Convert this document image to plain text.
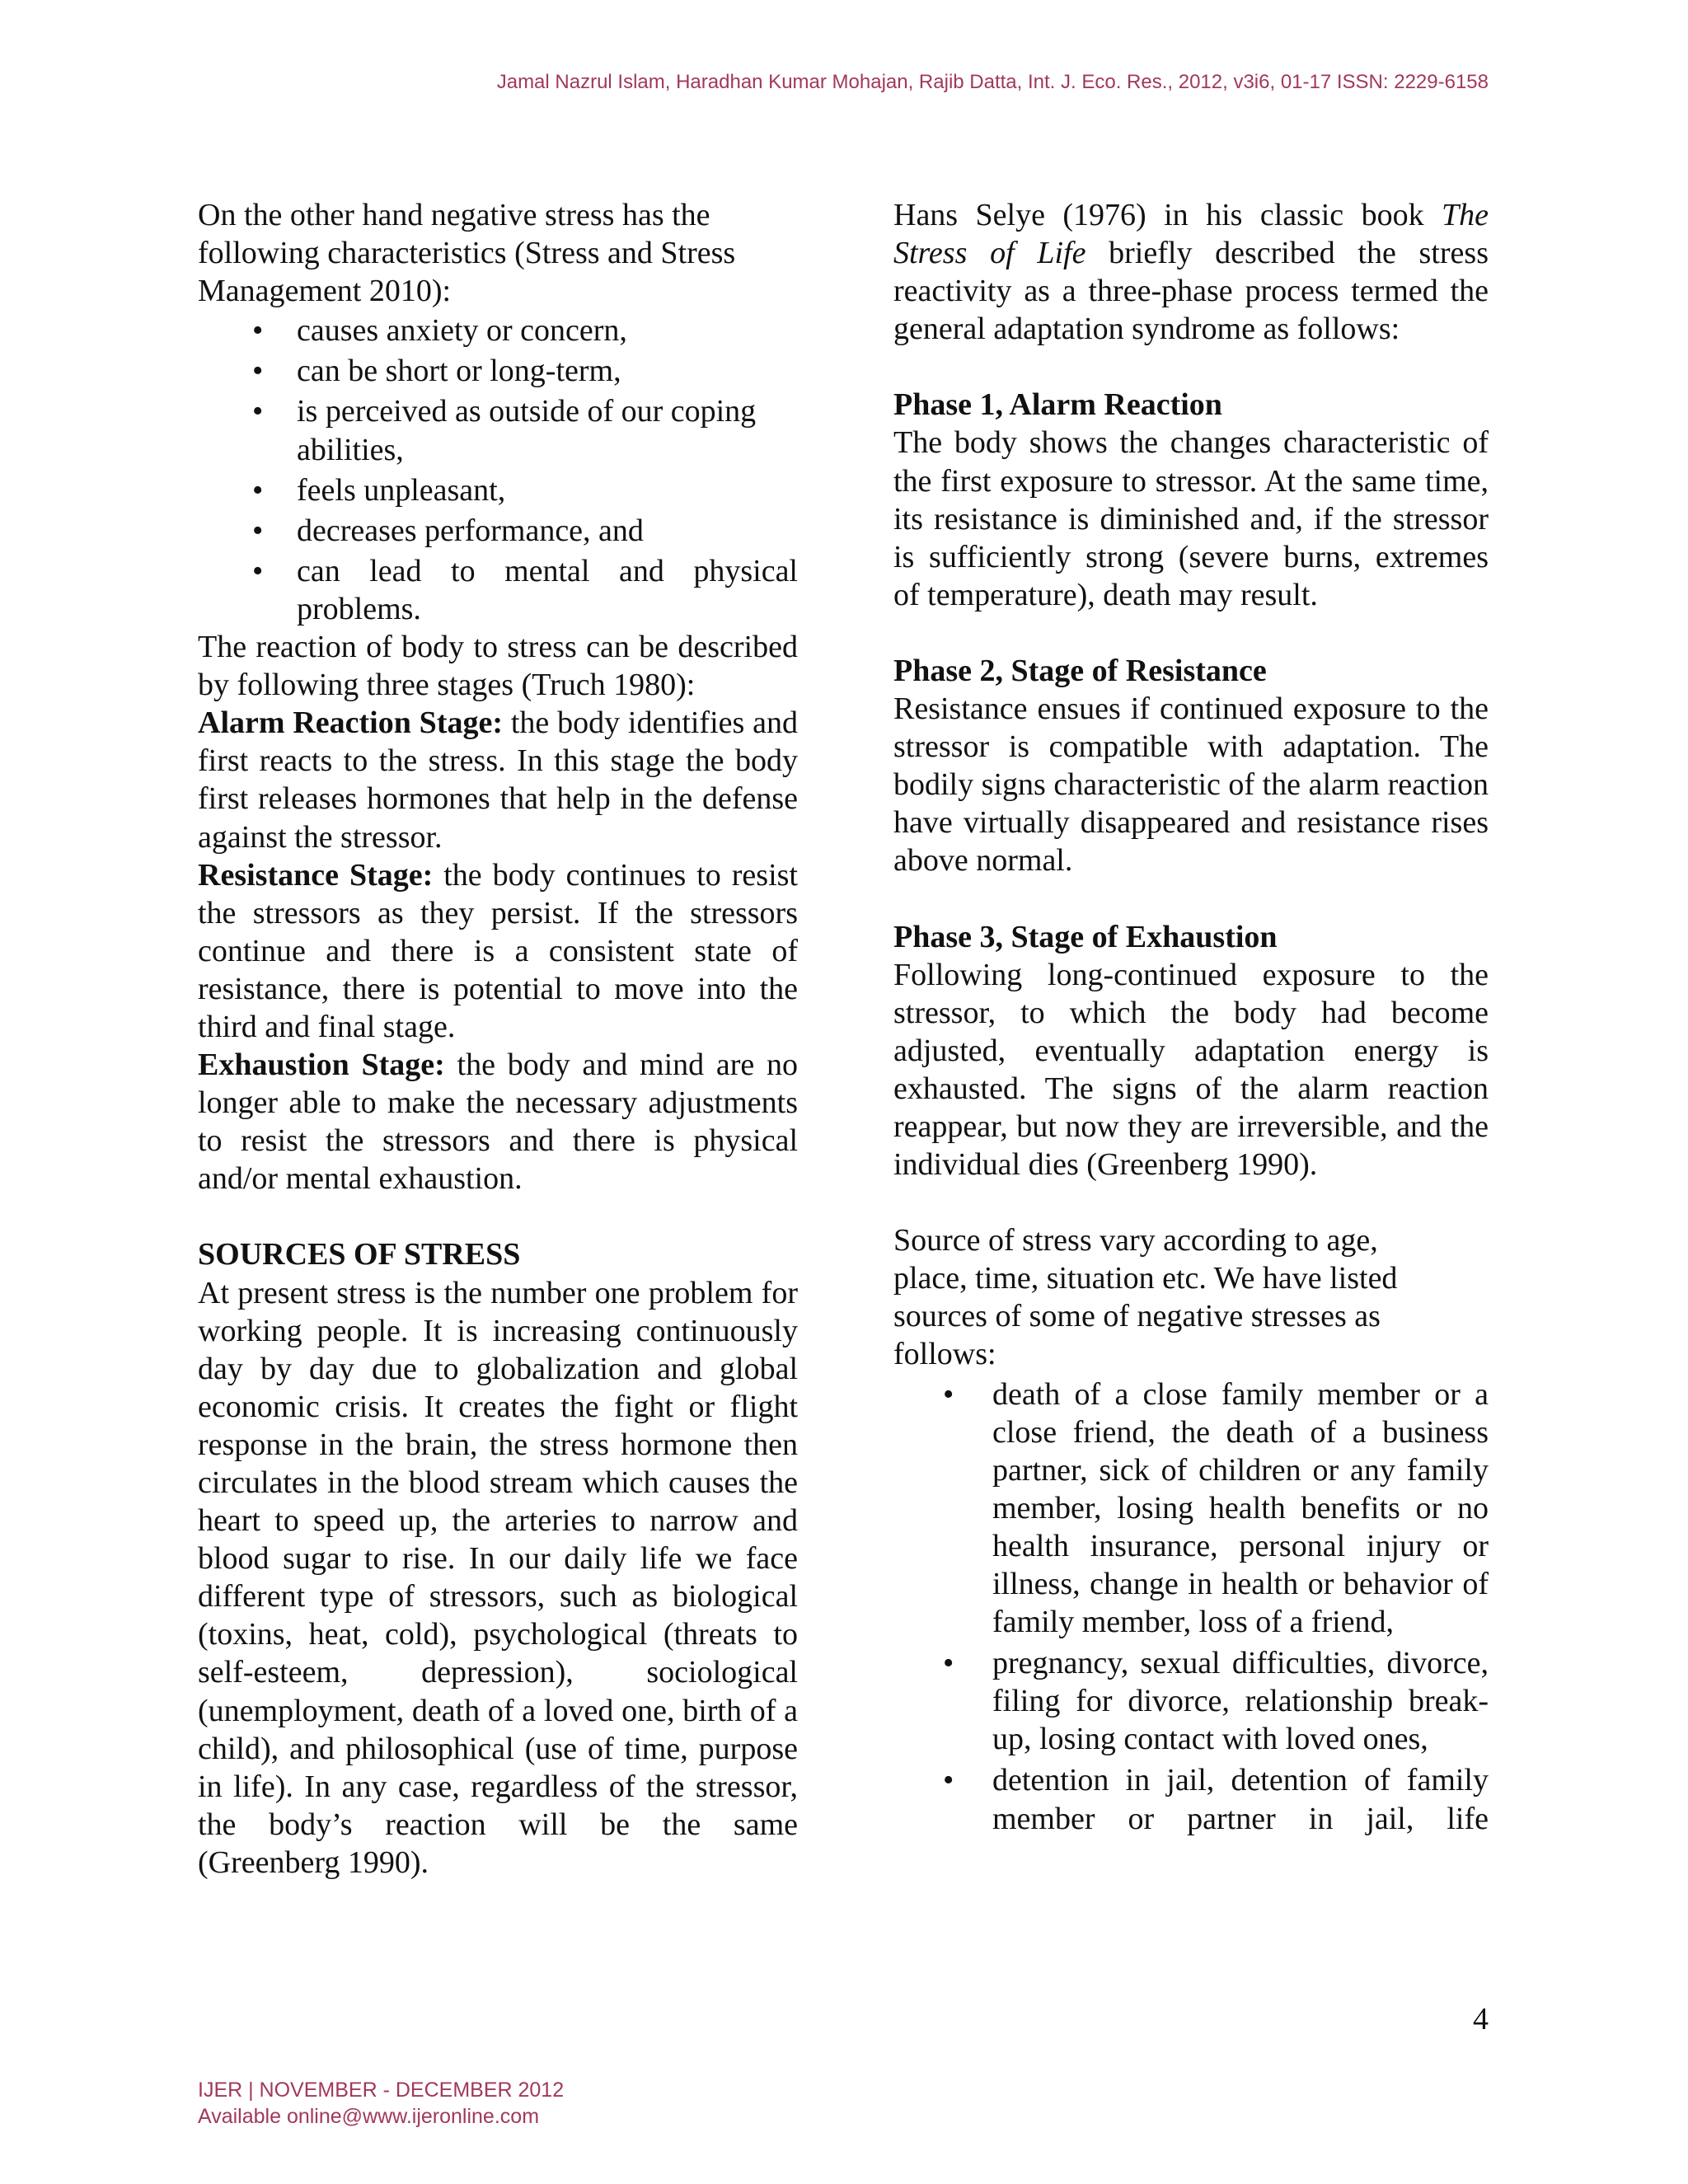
Jamal Nazrul Islam, Haradhan Kumar Mohajan, Rajib Datta, Int. J. Eco. Res., 2012, v3i6, 01-17 ISSN: 2229-6158

On the other hand negative stress has the following characteristics (Stress and Stress Management 2010):

• causes anxiety or concern,
• can be short or long-term,
• is perceived as outside of our coping abilities,
• feels unpleasant,
• decreases performance, and
• can lead to mental and physical problems.

The reaction of body to stress can be described by following three stages (Truch 1980):

Alarm Reaction Stage: the body identifies and first reacts to the stress. In this stage the body first releases hormones that help in the defense against the stressor.

Resistance Stage: the body continues to resist the stressors as they persist. If the stressors continue and there is a consistent state of resistance, there is potential to move into the third and final stage.

Exhaustion Stage: the body and mind are no longer able to make the necessary adjustments to resist the stressors and there is physical and/or mental exhaustion.

SOURCES OF STRESS

At present stress is the number one problem for working people. It is increasing continuously day by day due to globalization and global economic crisis. It creates the fight or flight response in the brain, the stress hormone then circulates in the blood stream which causes the heart to speed up, the arteries to narrow and blood sugar to rise. In our daily life we face different type of stressors, such as biological (toxins, heat, cold), psychological (threats to self-esteem, depression), sociological (unemployment, death of a loved one, birth of a child), and philosophical (use of time, purpose in life). In any case, regardless of the stressor, the body’s reaction will be the same (Greenberg 1990).

Hans Selye (1976) in his classic book The Stress of Life briefly described the stress reactivity as a three-phase process termed the general adaptation syndrome as follows:

Phase 1, Alarm Reaction

The body shows the changes characteristic of the first exposure to stressor. At the same time, its resistance is diminished and, if the stressor is sufficiently strong (severe burns, extremes of temperature), death may result.

Phase 2, Stage of Resistance

Resistance ensues if continued exposure to the stressor is compatible with adaptation. The bodily signs characteristic of the alarm reaction have virtually disappeared and resistance rises above normal.

Phase 3, Stage of Exhaustion

Following long-continued exposure to the stressor, to which the body had become adjusted, eventually adaptation energy is exhausted. The signs of the alarm reaction reappear, but now they are irreversible, and the individual dies (Greenberg 1990).

Source of stress vary according to age, place, time, situation etc. We have listed sources of some of negative stresses as follows:

• death of a close family member or a close friend, the death of a business partner, sick of children or any family member, losing health benefits or no health insurance, personal injury or illness, change in health or behavior of family member, loss of a friend,
• pregnancy, sexual difficulties, divorce, filing for divorce, relationship break-up, losing contact with loved ones,
• detention in jail, detention of family member or partner in jail, life
4
IJER | NOVEMBER - DECEMBER 2012
Available online@www.ijeronline.com
